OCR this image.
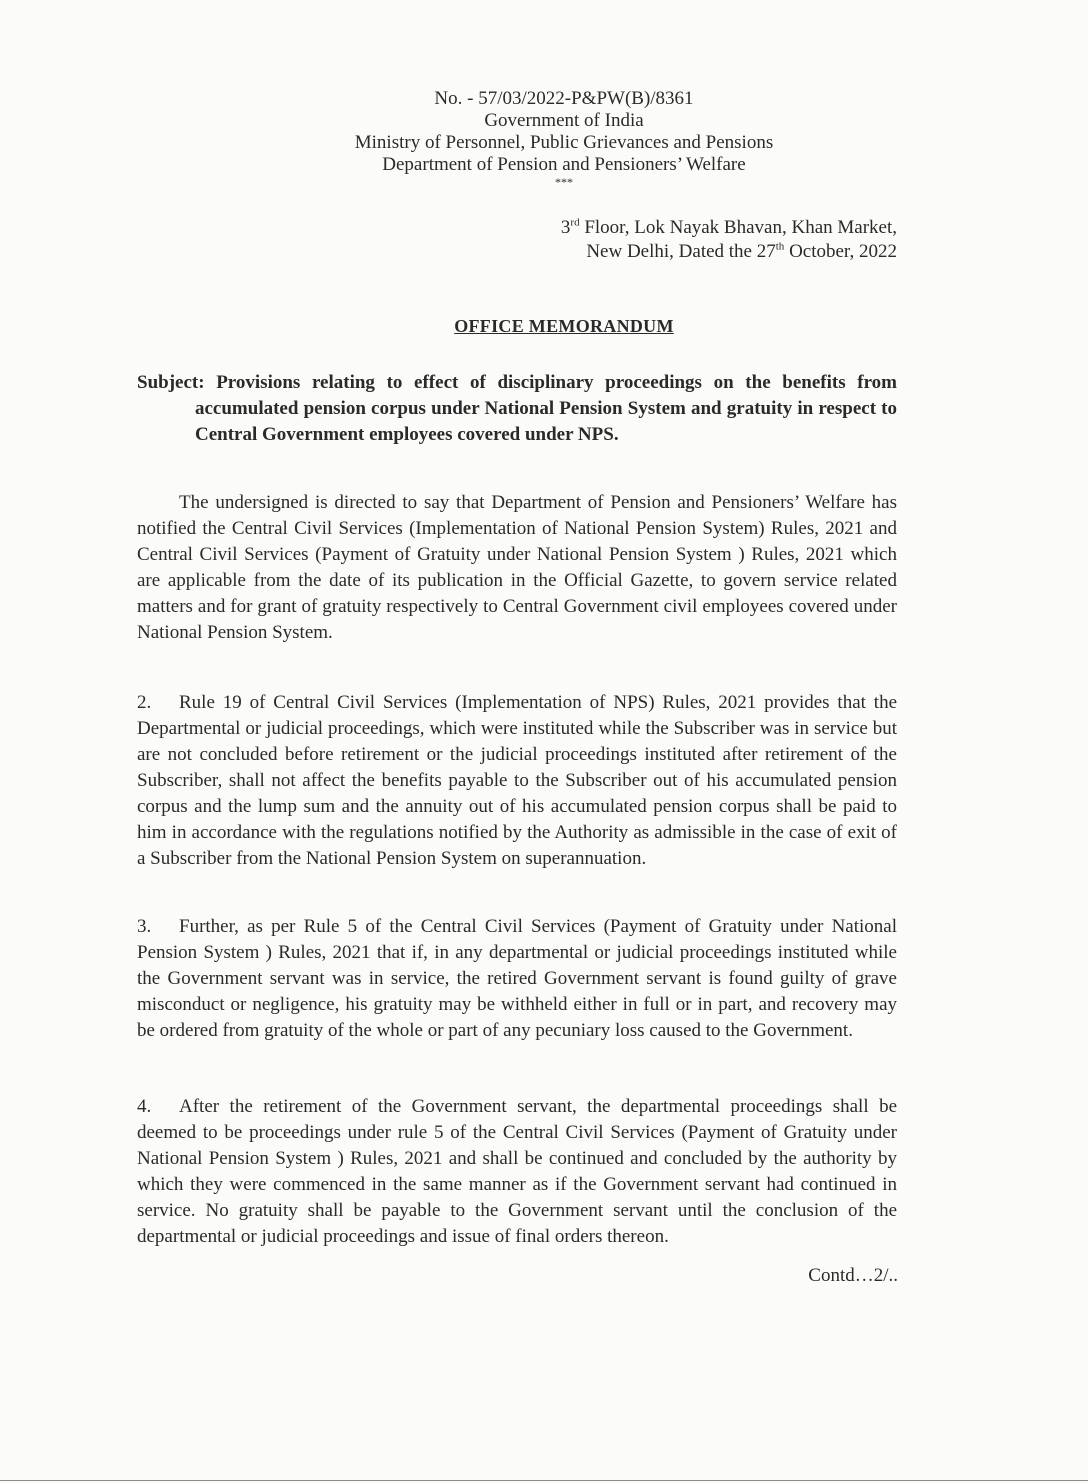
No. - 57/03/2022-P&PW(B)/8361
Government of India
Ministry of Personnel, Public Grievances and Pensions
Department of Pension and Pensioners’ Welfare
***
3rd Floor, Lok Nayak Bhavan, Khan Market,
New Delhi, Dated the 27th October, 2022
OFFICE MEMORANDUM
Subject: Provisions relating to effect of disciplinary proceedings on the benefits from accumulated pension corpus under National Pension System and gratuity in respect to Central Government employees covered under NPS.
The undersigned is directed to say that Department of Pension and Pensioners’ Welfare has notified the Central Civil Services (Implementation of National Pension System) Rules, 2021 and Central Civil Services (Payment of Gratuity under National Pension System ) Rules, 2021 which are applicable from the date of its publication in the Official Gazette, to govern service related matters and for grant of gratuity respectively to Central Government civil employees covered under National Pension System.
2. Rule 19 of Central Civil Services (Implementation of NPS) Rules, 2021 provides that the Departmental or judicial proceedings, which were instituted while the Subscriber was in service but are not concluded before retirement or the judicial proceedings instituted after retirement of the Subscriber, shall not affect the benefits payable to the Subscriber out of his accumulated pension corpus and the lump sum and the annuity out of his accumulated pension corpus shall be paid to him in accordance with the regulations notified by the Authority as admissible in the case of exit of a Subscriber from the National Pension System on superannuation.
3. Further, as per Rule 5 of the Central Civil Services (Payment of Gratuity under National Pension System ) Rules, 2021 that if, in any departmental or judicial proceedings instituted while the Government servant was in service, the retired Government servant is found guilty of grave misconduct or negligence, his gratuity may be withheld either in full or in part, and recovery may be ordered from gratuity of the whole or part of any pecuniary loss caused to the Government.
4. After the retirement of the Government servant, the departmental proceedings shall be deemed to be proceedings under rule 5 of the Central Civil Services (Payment of Gratuity under National Pension System ) Rules, 2021 and shall be continued and concluded by the authority by which they were commenced in the same manner as if the Government servant had continued in service. No gratuity shall be payable to the Government servant until the conclusion of the departmental or judicial proceedings and issue of final orders thereon.
Contd…2/..
